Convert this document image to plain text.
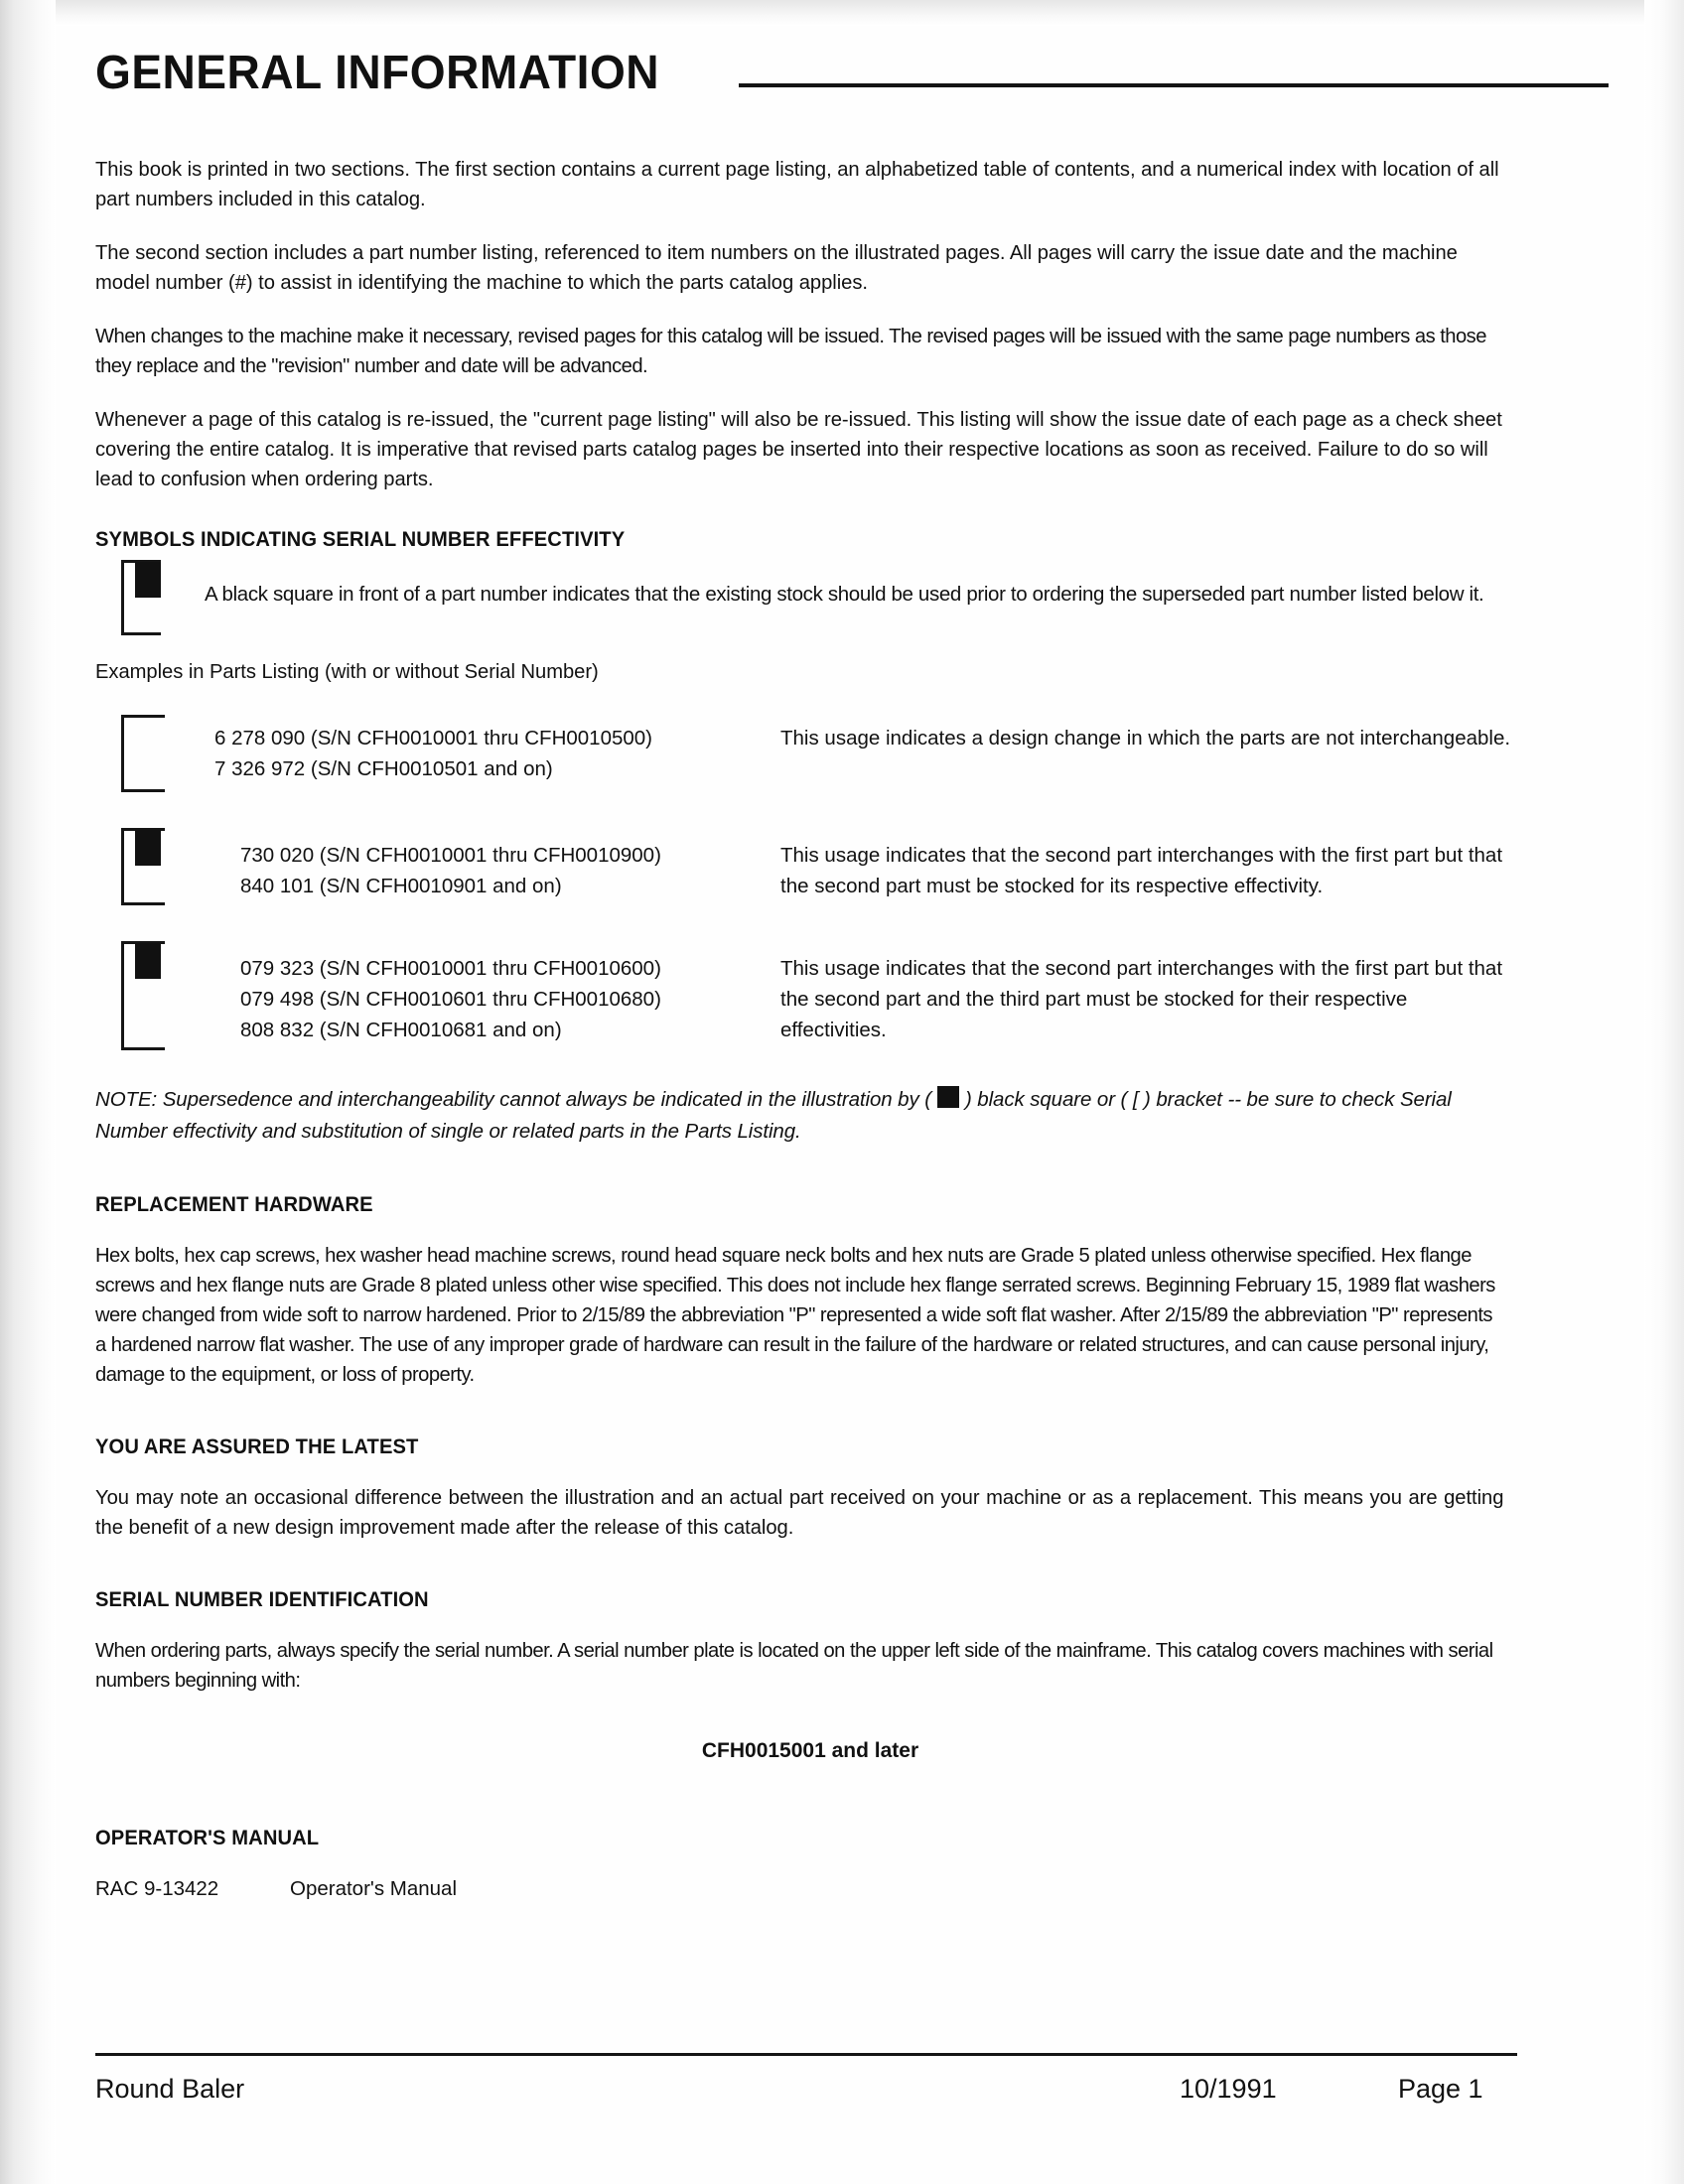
GENERAL INFORMATION

This book is printed in two sections. The first section contains a current page listing, an alphabetized table of contents, and a numerical index with location of all part numbers included in this catalog.

The second section includes a part number listing, referenced to item numbers on the illustrated pages. All pages will carry the issue date and the machine model number (#) to assist in identifying the machine to which the parts catalog applies.

When changes to the machine make it necessary, revised pages for this catalog will be issued. The revised pages will be issued with the same page numbers as those they replace and the "revision" number and date will be advanced.

Whenever a page of this catalog is re-issued, the "current page listing" will also be re-issued. This listing will show the issue date of each page as a check sheet covering the entire catalog. It is imperative that revised parts catalog pages be inserted into their respective locations as soon as received. Failure to do so will lead to confusion when ordering parts.

SYMBOLS INDICATING SERIAL NUMBER EFFECTIVITY
A black square in front of a part number indicates that the existing stock should be used prior to ordering the superseded part number listed below it.

Examples in Parts Listing (with or without Serial Number)

6 278 090 (S/N CFH0010001 thru CFH0010500)
7 326 972 (S/N CFH0010501 and on)
This usage indicates a design change in which the parts are not interchangeable.
730 020 (S/N CFH0010001 thru CFH0010900)
840 101 (S/N CFH0010901 and on)
This usage indicates that the second part interchanges with the first part but that the second part must be stocked for its respective effectivity.
079 323 (S/N CFH0010001 thru CFH0010600)
079 498 (S/N CFH0010601 thru CFH0010680)
808 832 (S/N CFH0010681 and on)
This usage indicates that the second part interchanges with the first part but that the second part and the third part must be stocked for their respective effectivities.

NOTE: Supersedence and interchangeability cannot always be indicated in the illustration by ( ) black square or ( [ ) bracket -- be sure to check Serial Number effectivity and substitution of single or related parts in the Parts Listing.

REPLACEMENT HARDWARE

Hex bolts, hex cap screws, hex washer head machine screws, round head square neck bolts and hex nuts are Grade 5 plated unless otherwise specified. Hex flange screws and hex flange nuts are Grade 8 plated unless other wise specified. This does not include hex flange serrated screws. Beginning February 15, 1989 flat washers were changed from wide soft to narrow hardened. Prior to 2/15/89 the abbreviation "P" represented a wide soft flat washer. After 2/15/89 the abbreviation "P" represents a hardened narrow flat washer. The use of any improper grade of hardware can result in the failure of the hardware or related structures, and can cause personal injury, damage to the equipment, or loss of property.

YOU ARE ASSURED THE LATEST

You may note an occasional difference between the illustration and an actual part received on your machine or as a replacement. This means you are getting the benefit of a new design improvement made after the release of this catalog.

SERIAL NUMBER IDENTIFICATION

When ordering parts, always specify the serial number. A serial number plate is located on the upper left side of the mainframe. This catalog covers machines with serial numbers beginning with:

CFH0015001 and later

OPERATOR'S MANUAL
RAC 9-13422	Operator's Manual
Round Baler	10/1991	Page 1
